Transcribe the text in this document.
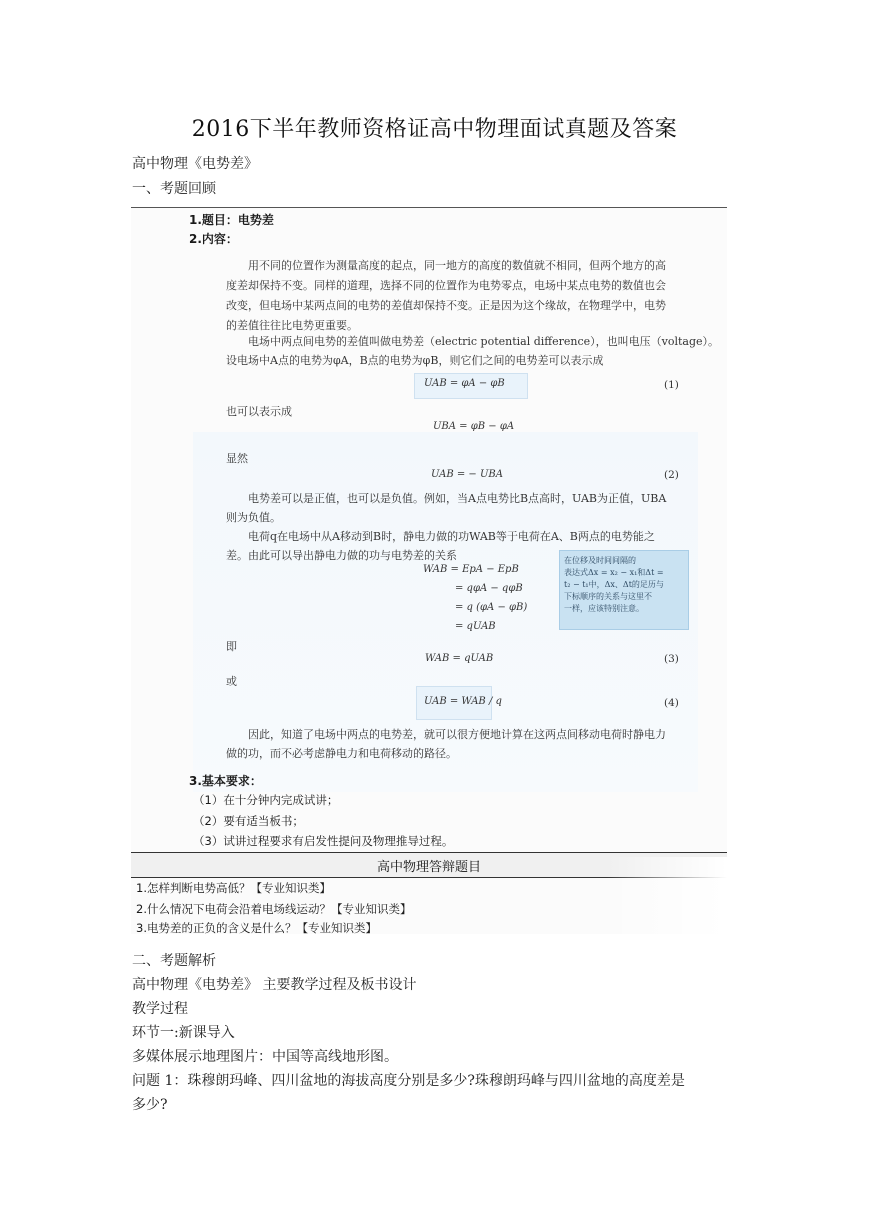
2016下半年教师资格证高中物理面试真题及答案
高中物理《电势差》
一、考题回顾
1.题目：电势差
2.内容：
用不同的位置作为测量高度的起点，同一地方的高度的数值就不相同，但两个地方的高
度差却保持不变。同样的道理，选择不同的位置作为电势零点，电场中某点电势的数值也会
改变，但电场中某两点间的电势的差值却保持不变。正是因为这个缘故，在物理学中，电势
的差值往往比电势更重要。
电场中两点间电势的差值叫做电势差（electric potential difference），也叫电压（voltage）。
设电场中A点的电势为φA，B点的电势为φB，则它们之间的电势差可以表示成
UAB = φA − φB	(1)
也可以表示成
UBA = φB − φA
显然
UAB = − UBA	(2)
电势差可以是正值，也可以是负值。例如，当A点电势比B点高时，UAB为正值，UBA
则为负值。
电荷q在电场中从A移动到B时，静电力做的功WAB等于电荷在A、B两点的电势能之
差。由此可以导出静电力做的功与电势差的关系
WAB = EpA − EpB
= qφA − qφB
= q (φA − φB)
= qUAB
在位移及时间间隔的
表达式Δx = x₂ − x₁和Δt =
t₂ − t₁中，Δx、Δt的足历与
下标顺序的关系与这里不
一样，应该特别注意。
即
WAB = qUAB	(3)
或
UAB = WAB / q	(4)
因此，知道了电场中两点的电势差，就可以很方便地计算在这两点间移动电荷时静电力
做的功，而不必考虑静电力和电荷移动的路径。
3.基本要求：
（1）在十分钟内完成试讲；
（2）要有适当板书；
（3）试讲过程要求有启发性提问及物理推导过程。
高中物理答辩题目
1.怎样判断电势高低？【专业知识类】
2.什么情况下电荷会沿着电场线运动？【专业知识类】
3.电势差的正负的含义是什么？【专业知识类】
二、考题解析
高中物理《电势差》 主要教学过程及板书设计
教学过程
环节一:新课导入
多媒体展示地理图片：中国等高线地形图。
问题 1：珠穆朗玛峰、四川盆地的海拔高度分别是多少?珠穆朗玛峰与四川盆地的高度差是
多少?
